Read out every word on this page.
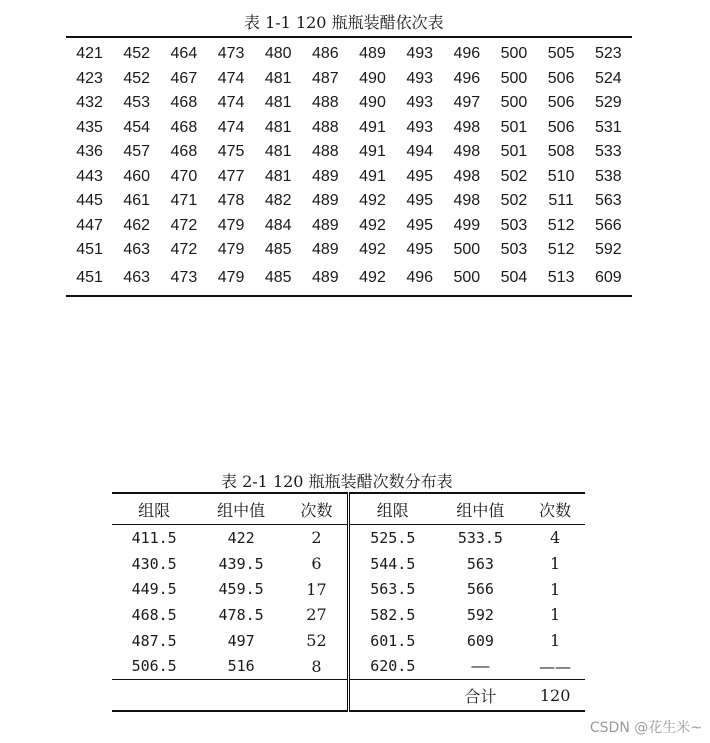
表 1-1 120 瓶瓶装醋依次表
421	452	464	473	480	486	489	493	496	500	505	523
423	452	467	474	481	487	490	493	496	500	506	524
432	453	468	474	481	488	490	493	497	500	506	529
435	454	468	474	481	488	491	493	498	501	506	531
436	457	468	475	481	488	491	494	498	501	508	533
443	460	470	477	481	489	491	495	498	502	510	538
445	461	471	478	482	489	492	495	498	502	511	563
447	462	472	479	484	489	492	495	499	503	512	566
451	463	472	479	485	489	492	495	500	503	512	592
451	463	473	479	485	489	492	496	500	504	513	609
表 2-1 120 瓶瓶装醋次数分布表
组限	组中值	次数	组限	组中值	次数
411.5	422	2	525.5	533.5	4
430.5	439.5	6	544.5	563	1
449.5	459.5	17	563.5	566	1
468.5	478.5	27	582.5	592	1
487.5	497	52	601.5	609	1
506.5	516	8	620.5	——	——
				合计	120
CSDN @花生米~
